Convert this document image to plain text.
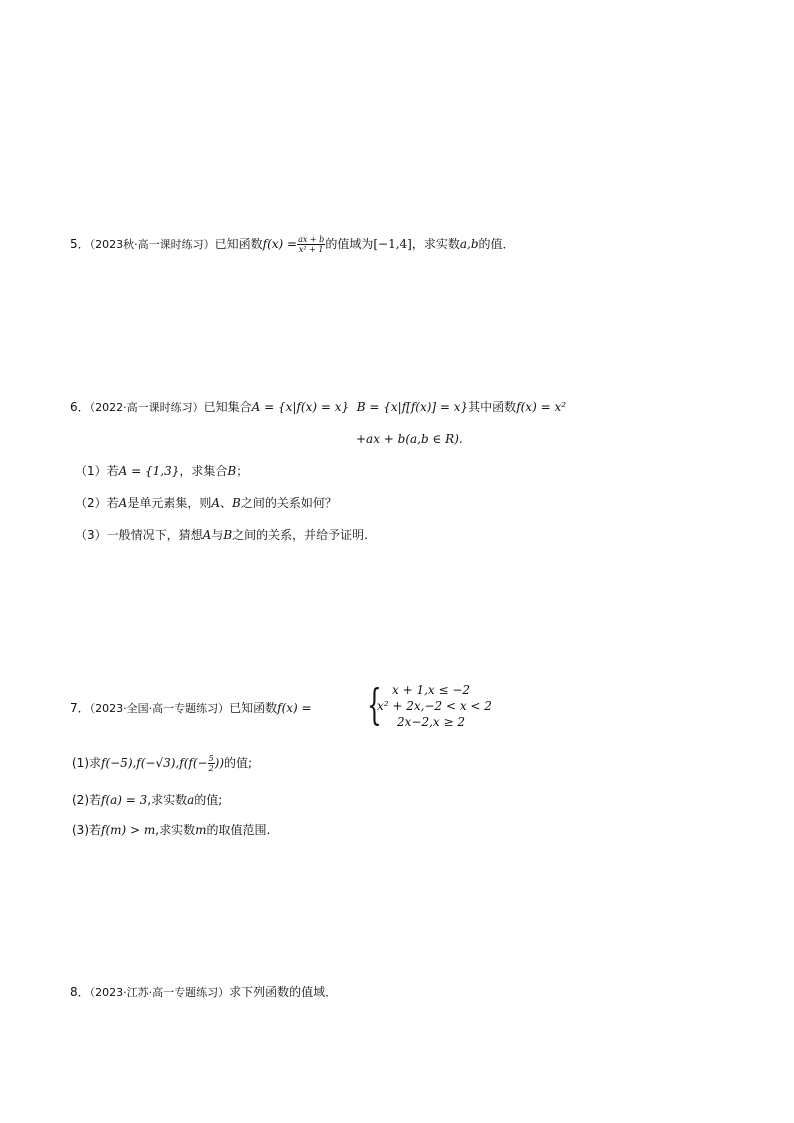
5．（2023秋·高一课时练习）已知函数$f(x) = \frac{ax + b}{\text{x² + 1}}$ 的值域为[−1,4]，求实数a,b的值．
6．（2022·高一课时练习）已知集合A = {x|f(x) = x} B = {x|f[f(x)] = x}其中函数f(x) = x²
+ax + b(a,b ∈ R).
（1）若A = {1,3}，求集合B；
（2）若A是单元素集，则A、B之间的关系如何？
（3）一般情况下，猜想A与B之间的关系，并给予证明.
7．（2023·全国·高一专题练习）已知函数f(x) = { x + 1,x ≤ −2
x² + 2x,−2 < x < 2
2x−2,x ≥ 2
(1)求$f(-5),f(-√3),f(f(- \frac{5}{2}$ ))的值;
(2)若f(a) = 3,求实数a的值;
(3)若f(m) > m,求实数m的取值范围.
8．（2023·江苏·高一专题练习）求下列函数的值域．
